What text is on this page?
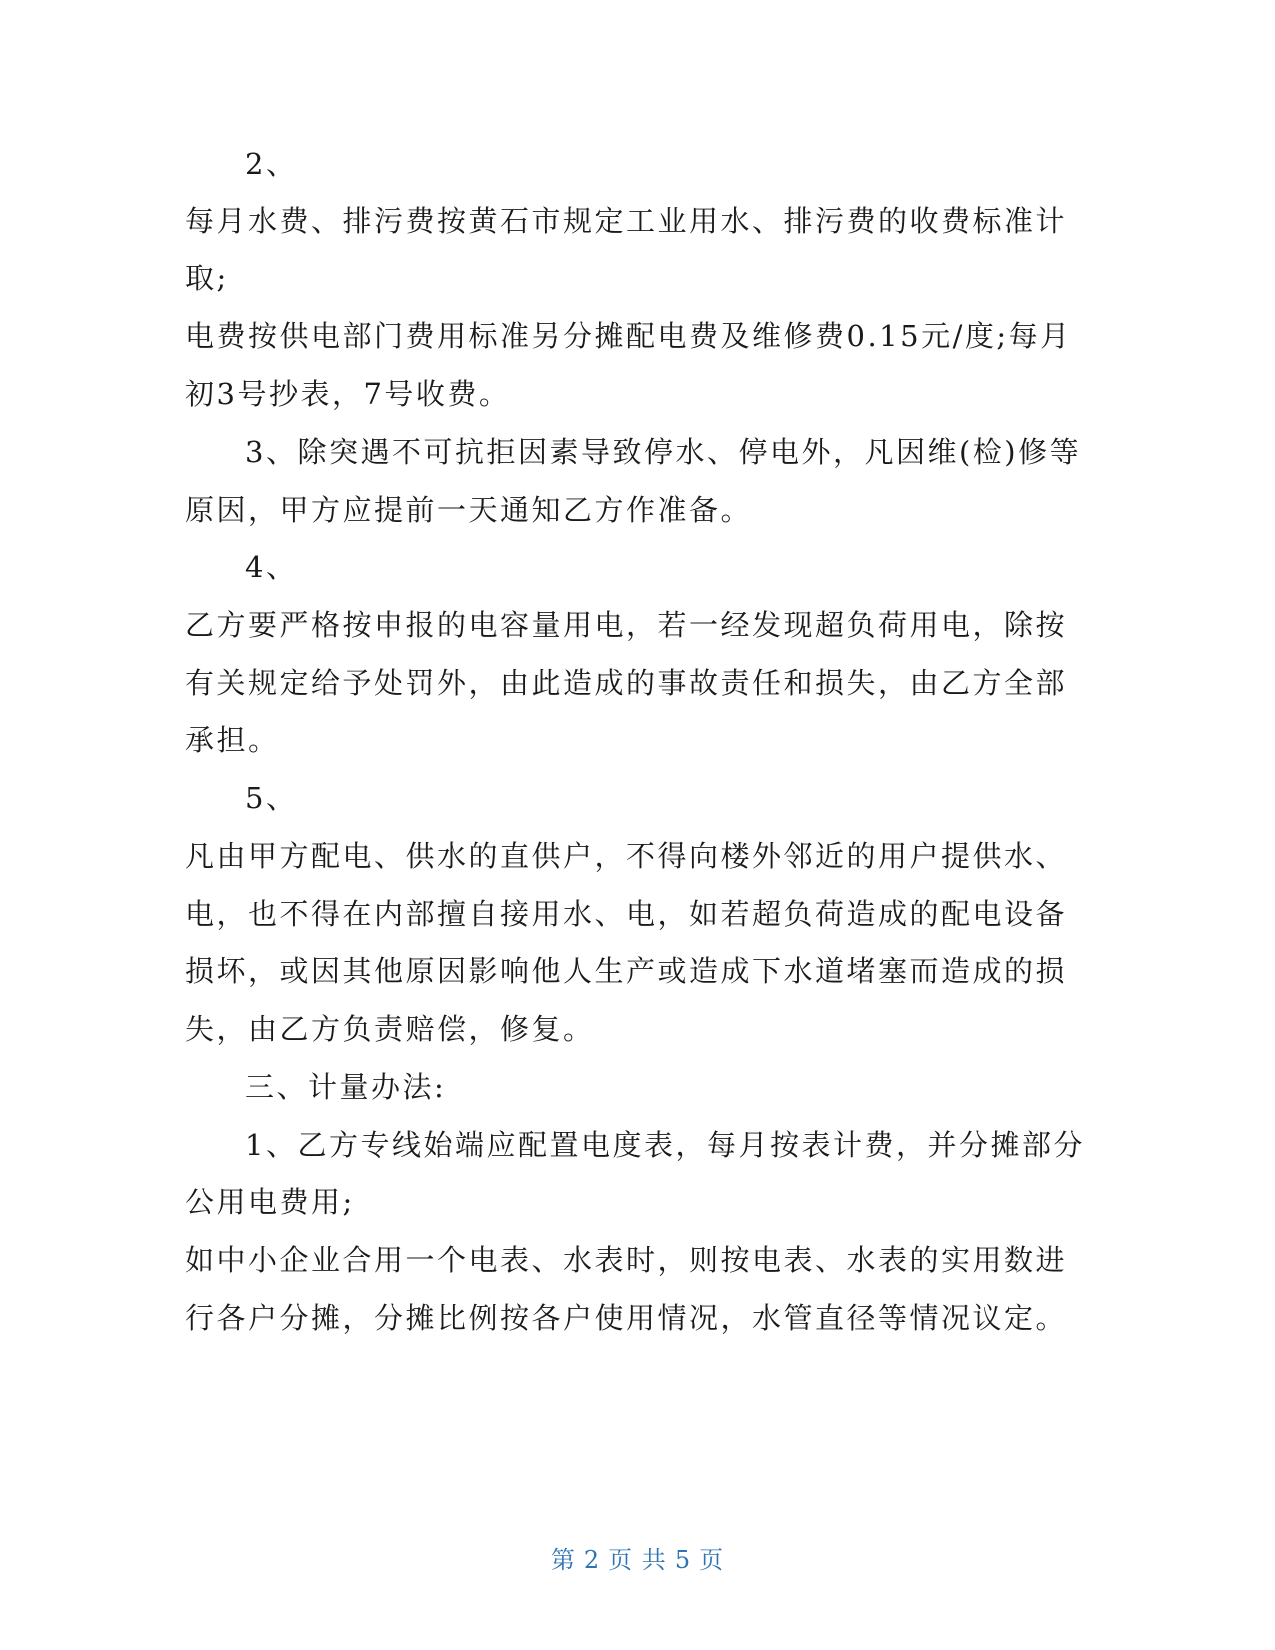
2、
每月水费、排污费按黄石市规定工业用水、排污费的收费标准计
取;
电费按供电部门费用标准另分摊配电费及维修费0.15元/度;每月
初3号抄表，7号收费。
3、除突遇不可抗拒因素导致停水、停电外，凡因维(检)修等
原因，甲方应提前一天通知乙方作准备。
4、
乙方要严格按申报的电容量用电，若一经发现超负荷用电，除按
有关规定给予处罚外，由此造成的事故责任和损失，由乙方全部
承担。
5、
凡由甲方配电、供水的直供户，不得向楼外邻近的用户提供水、
电，也不得在内部擅自接用水、电，如若超负荷造成的配电设备
损坏，或因其他原因影响他人生产或造成下水道堵塞而造成的损
失，由乙方负责赔偿，修复。
三、计量办法:
1、乙方专线始端应配置电度表，每月按表计费，并分摊部分
公用电费用;
如中小企业合用一个电表、水表时，则按电表、水表的实用数进
行各户分摊，分摊比例按各户使用情况，水管直径等情况议定。
第 2 页 共 5 页
